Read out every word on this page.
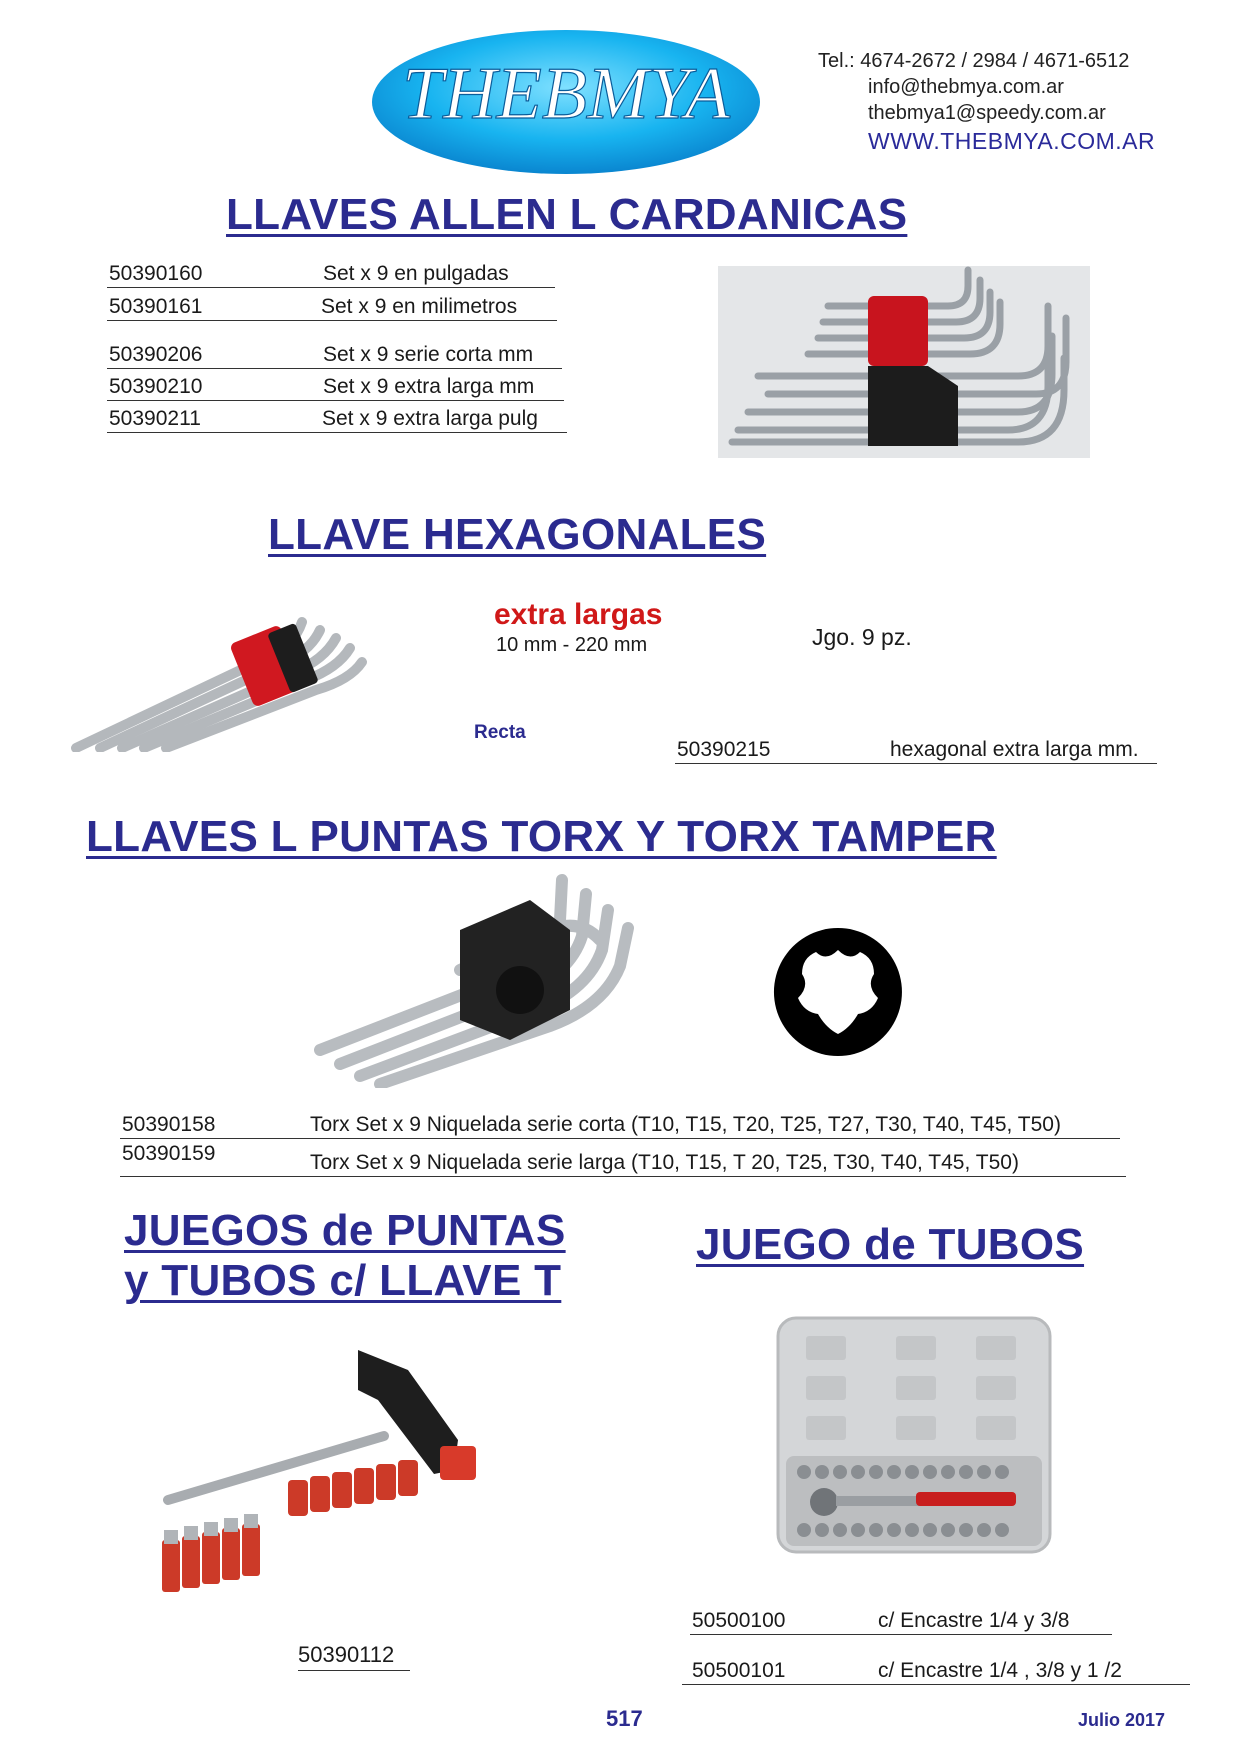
THEBMYA	Tel.: 4674-2672 / 2984 / 4671-6512
info@thebmya.com.ar
thebmya1@speedy.com.ar
WWW.THEBMYA.COM.AR
LLAVES ALLEN L CARDANICAS
50390160	Set x 9 en pulgadas
50390161	Set x 9 en milimetros
50390206	Set x 9 serie corta mm
50390210	Set x 9 extra larga mm
50390211	Set x 9 extra larga pulg
LLAVE HEXAGONALES
extra largas
10 mm - 220 mm	Jgo. 9 pz.
Recta
50390215	hexagonal extra larga mm.
LLAVES L PUNTAS TORX Y TORX TAMPER
50390158	Torx Set x 9 Niquelada serie corta (T10, T15, T20, T25, T27, T30, T40, T45, T50)
50390159	Torx Set x 9 Niquelada serie larga (T10, T15, T 20, T25, T30, T40, T45, T50)
JUEGOS de PUNTAS
y TUBOS c/ LLAVE T
50390112
JUEGO de TUBOS
50500100	c/ Encastre 1/4 y 3/8
50500101	c/ Encastre 1/4 , 3/8 y 1 /2
517	Julio 2017
